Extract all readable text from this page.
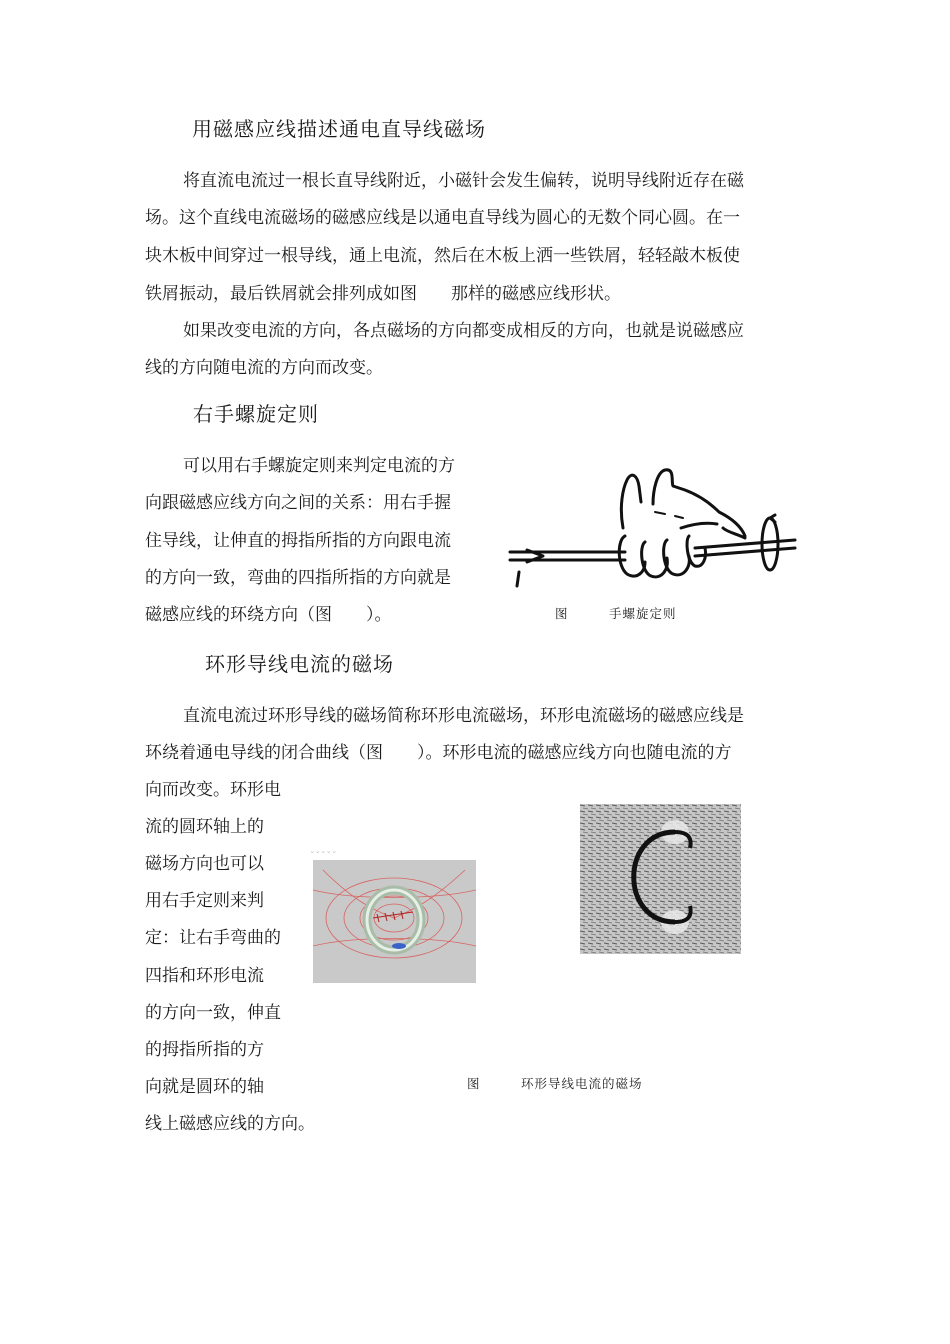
用磁感应线描述通电直导线磁场
将直流电流过一根长直导线附近，小磁针会发生偏转，说明导线附近存在磁
场。这个直线电流磁场的磁感应线是以通电直导线为圆心的无数个同心圆。在一
块木板中间穿过一根导线，通上电流，然后在木板上洒一些铁屑，轻轻敲木板使
铁屑振动，最后铁屑就会排列成如图　　那样的磁感应线形状。
如果改变电流的方向，各点磁场的方向都变成相反的方向，也就是说磁感应
线的方向随电流的方向而改变。
右手螺旋定则
可以用右手螺旋定则来判定电流的方
向跟磁感应线方向之间的关系：用右手握
住导线，让伸直的拇指所指的方向跟电流
的方向一致，弯曲的四指所指的方向就是
磁感应线的环绕方向（图　　）。	图　　　手螺旋定则
环形导线电流的磁场
直流电流过环形导线的磁场简称环形电流磁场，环形电流磁场的磁感应线是
环绕着通电导线的闭合曲线（图　　）。环形电流的磁感应线方向也随电流的方
向而改变。环形电
流的圆环轴上的
磁场方向也可以
用右手定则来判
定：让右手弯曲的
四指和环形电流
的方向一致，伸直
的拇指所指的方
向就是圆环的轴
线上磁感应线的方向。
ˇˇˇˇˇ
图　　　环形导线电流的磁场
